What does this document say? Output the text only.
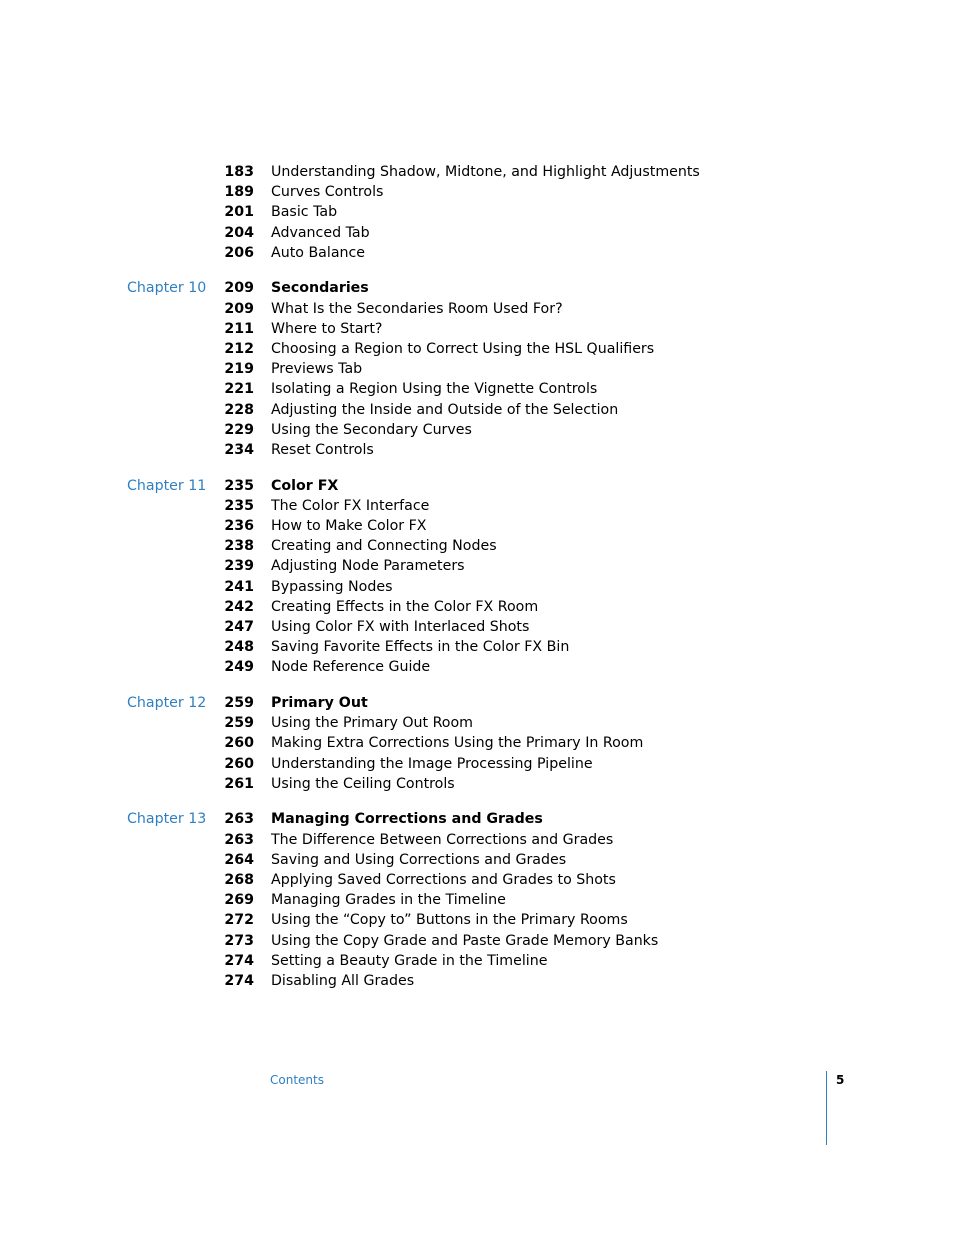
183 Understanding Shadow, Midtone, and Highlight Adjustments
189 Curves Controls
201 Basic Tab
204 Advanced Tab
206 Auto Balance
Chapter 10	209 Secondaries
209 What Is the Secondaries Room Used For?
211 Where to Start?
212 Choosing a Region to Correct Using the HSL Qualifiers
219 Previews Tab
221 Isolating a Region Using the Vignette Controls
228 Adjusting the Inside and Outside of the Selection
229 Using the Secondary Curves
234 Reset Controls
Chapter 11	235 Color FX
235 The Color FX Interface
236 How to Make Color FX
238 Creating and Connecting Nodes
239 Adjusting Node Parameters
241 Bypassing Nodes
242 Creating Effects in the Color FX Room
247 Using Color FX with Interlaced Shots
248 Saving Favorite Effects in the Color FX Bin
249 Node Reference Guide
Chapter 12	259 Primary Out
259 Using the Primary Out Room
260 Making Extra Corrections Using the Primary In Room
260 Understanding the Image Processing Pipeline
261 Using the Ceiling Controls
Chapter 13	263 Managing Corrections and Grades
263 The Difference Between Corrections and Grades
264 Saving and Using Corrections and Grades
268 Applying Saved Corrections and Grades to Shots
269 Managing Grades in the Timeline
272 Using the “Copy to” Buttons in the Primary Rooms
273 Using the Copy Grade and Paste Grade Memory Banks
274 Setting a Beauty Grade in the Timeline
274 Disabling All Grades
Contents	5
